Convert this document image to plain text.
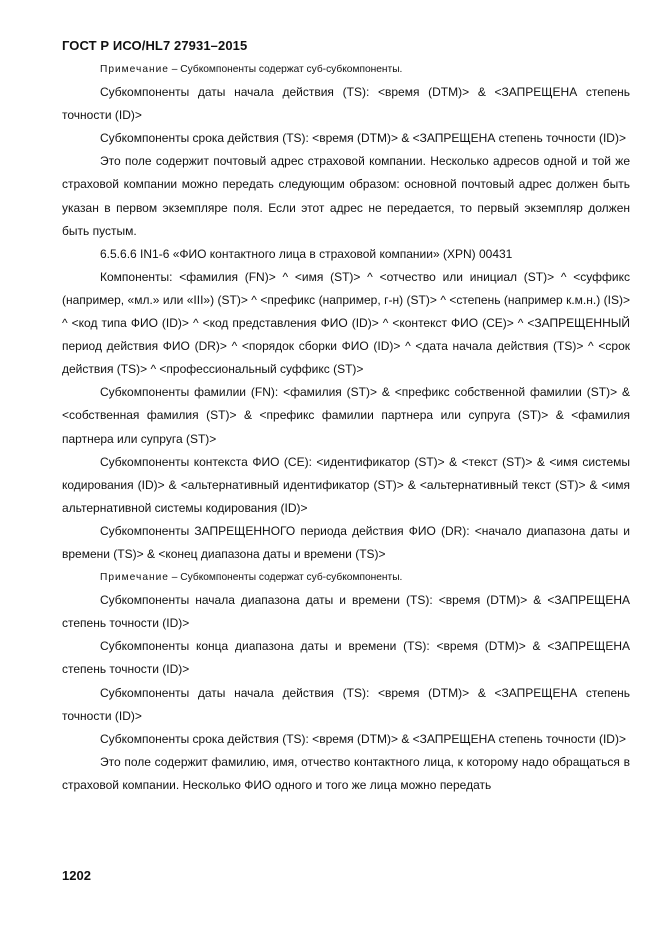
ГОСТ Р ИСО/HL7 27931–2015

Примечание – Субкомпоненты содержат суб-субкомпоненты.

Субкомпоненты даты начала действия (TS): <время (DTM)> & <ЗАПРЕЩЕНА степень точности (ID)>

Субкомпоненты срока действия (TS): <время (DTM)> & <ЗАПРЕЩЕНА степень точности (ID)>

Это поле содержит почтовый адрес страховой компании. Несколько адресов одной и той же страховой компании можно передать следующим образом: основной почтовый адрес должен быть указан в первом экземпляре поля. Если этот адрес не передается, то первый экземпляр должен быть пустым.

6.5.6.6 IN1-6 «ФИО контактного лица в страховой компании» (XPN) 00431

Компоненты: <фамилия (FN)> ^ <имя (ST)> ^ <отчество или инициал (ST)> ^ <суффикс (например, «мл.» или «III») (ST)> ^ <префикс (например, г-н) (ST)> ^ <степень (например к.м.н.) (IS)> ^ <код типа ФИО (ID)> ^ <код представления ФИО (ID)> ^ <контекст ФИО (CE)> ^ <ЗАПРЕЩЕННЫЙ период действия ФИО (DR)> ^ <порядок сборки ФИО (ID)> ^ <дата начала действия (TS)> ^ <срок действия (TS)> ^ <профессиональный суффикс (ST)>

Субкомпоненты фамилии (FN): <фамилия (ST)> & <префикс собственной фамилии (ST)> & <собственная фамилия (ST)> & <префикс фамилии партнера или супруга (ST)> & <фамилия партнера или супруга (ST)>

Субкомпоненты контекста ФИО (CE): <идентификатор (ST)> & <текст (ST)> & <имя системы кодирования (ID)> & <альтернативный идентификатор (ST)> & <альтернативный текст (ST)> & <имя альтернативной системы кодирования (ID)>

Субкомпоненты ЗАПРЕЩЕННОГО периода действия ФИО (DR): <начало диапазона даты и времени (TS)> & <конец диапазона даты и времени (TS)>

Примечание – Субкомпоненты содержат суб-субкомпоненты.

Субкомпоненты начала диапазона даты и времени (TS): <время (DTM)> & <ЗАПРЕЩЕНА степень точности (ID)>

Субкомпоненты конца диапазона даты и времени (TS): <время (DTM)> & <ЗАПРЕЩЕНА степень точности (ID)>

Субкомпоненты даты начала действия (TS): <время (DTM)> & <ЗАПРЕЩЕНА степень точности (ID)>

Субкомпоненты срока действия (TS): <время (DTM)> & <ЗАПРЕЩЕНА степень точности (ID)>

Это поле содержит фамилию, имя, отчество контактного лица, к которому надо обращаться в страховой компании. Несколько ФИО одного и того же лица можно передать

1202
